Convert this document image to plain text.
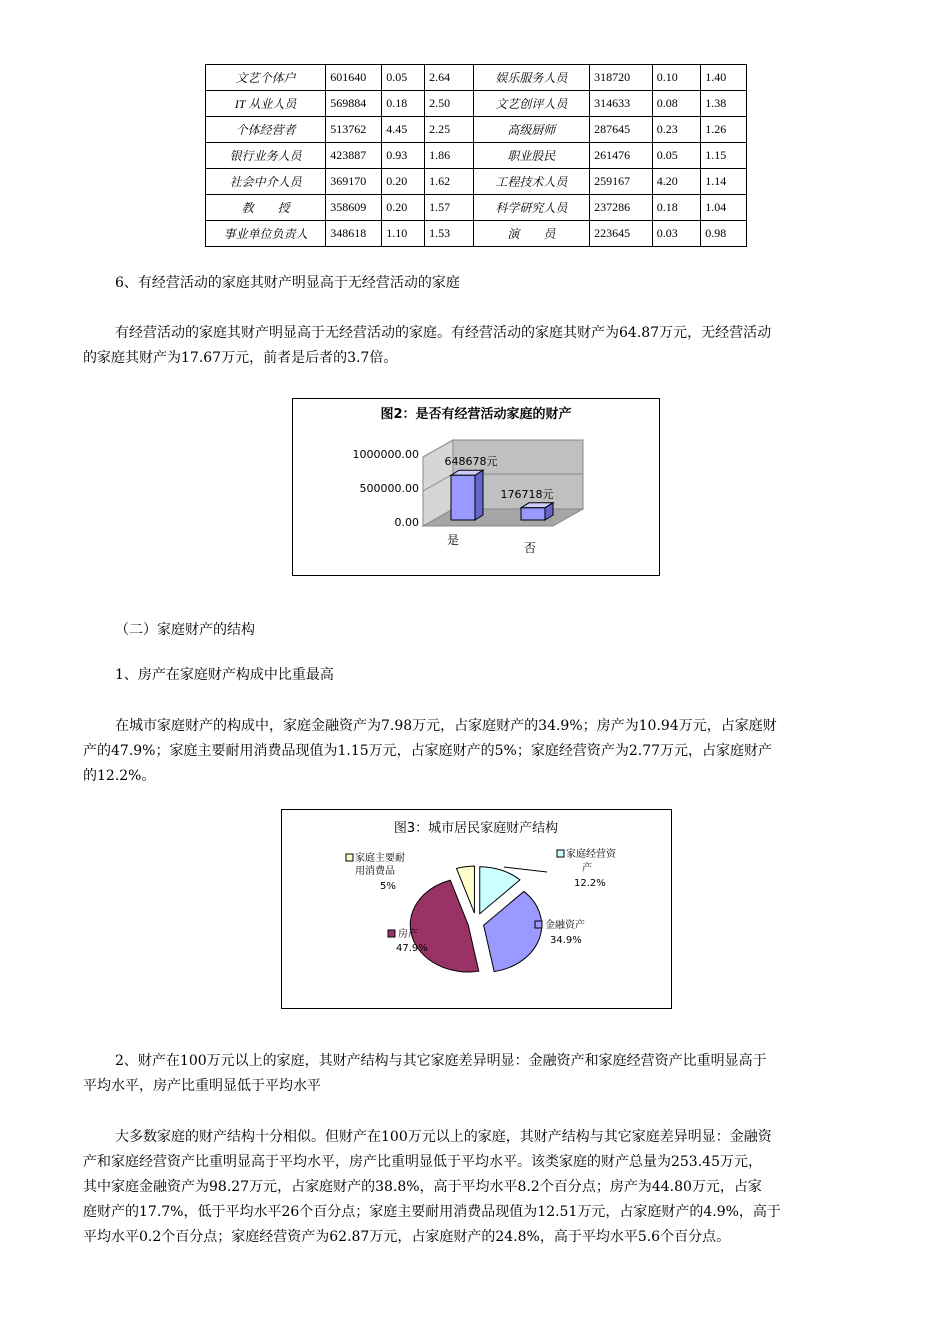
文艺个体户	601640	0.05	2.64	娱乐服务人员	318720	0.10	1.40
IT 从业人员	569884	0.18	2.50	文艺创评人员	314633	0.08	1.38
个体经营者	513762	4.45	2.25	高级厨师	287645	0.23	1.26
银行业务人员	423887	0.93	1.86	职业股民	261476	0.05	1.15
社会中介人员	369170	0.20	1.62	工程技术人员	259167	4.20	1.14
教　　授	358609	0.20	1.57	科学研究人员	237286	0.18	1.04
事业单位负责人	348618	1.10	1.53	演　　员	223645	0.03	0.98

6、有经营活动的家庭其财产明显高于无经营活动的家庭

有经营活动的家庭其财产明显高于无经营活动的家庭。有经营活动的家庭其财产为64.87万元，无经营活动

的家庭其财产为17.67万元，前者是后者的3.7倍。

图2：是否有经营活动家庭的财产
1000000.00
500000.00
0.00
648678元
176718元
是
否

（二）家庭财产的结构

1、房产在家庭财产构成中比重最高

在城市家庭财产的构成中，家庭金融资产为7.98万元，占家庭财产的34.9%；房产为10.94万元，占家庭财

产的47.9%；家庭主要耐用消费品现值为1.15万元，占家庭财产的5%；家庭经营资产为2.77万元，占家庭财产

的12.2%。

图3：城市居民家庭财产结构
家庭主要耐
用消费品
5%
家庭经营资
产
12.2%
金融资产
34.9%
房产
47.9%

2、财产在100万元以上的家庭，其财产结构与其它家庭差异明显：金融资产和家庭经营资产比重明显高于

平均水平，房产比重明显低于平均水平

大多数家庭的财产结构十分相似。但财产在100万元以上的家庭，其财产结构与其它家庭差异明显：金融资

产和家庭经营资产比重明显高于平均水平，房产比重明显低于平均水平。该类家庭的财产总量为253.45万元，

其中家庭金融资产为98.27万元，占家庭财产的38.8%，高于平均水平8.2个百分点；房产为44.80万元，占家

庭财产的17.7%，低于平均水平26个百分点；家庭主要耐用消费品现值为12.51万元，占家庭财产的4.9%，高于

平均水平0.2个百分点；家庭经营资产为62.87万元，占家庭财产的24.8%，高于平均水平5.6个百分点。
